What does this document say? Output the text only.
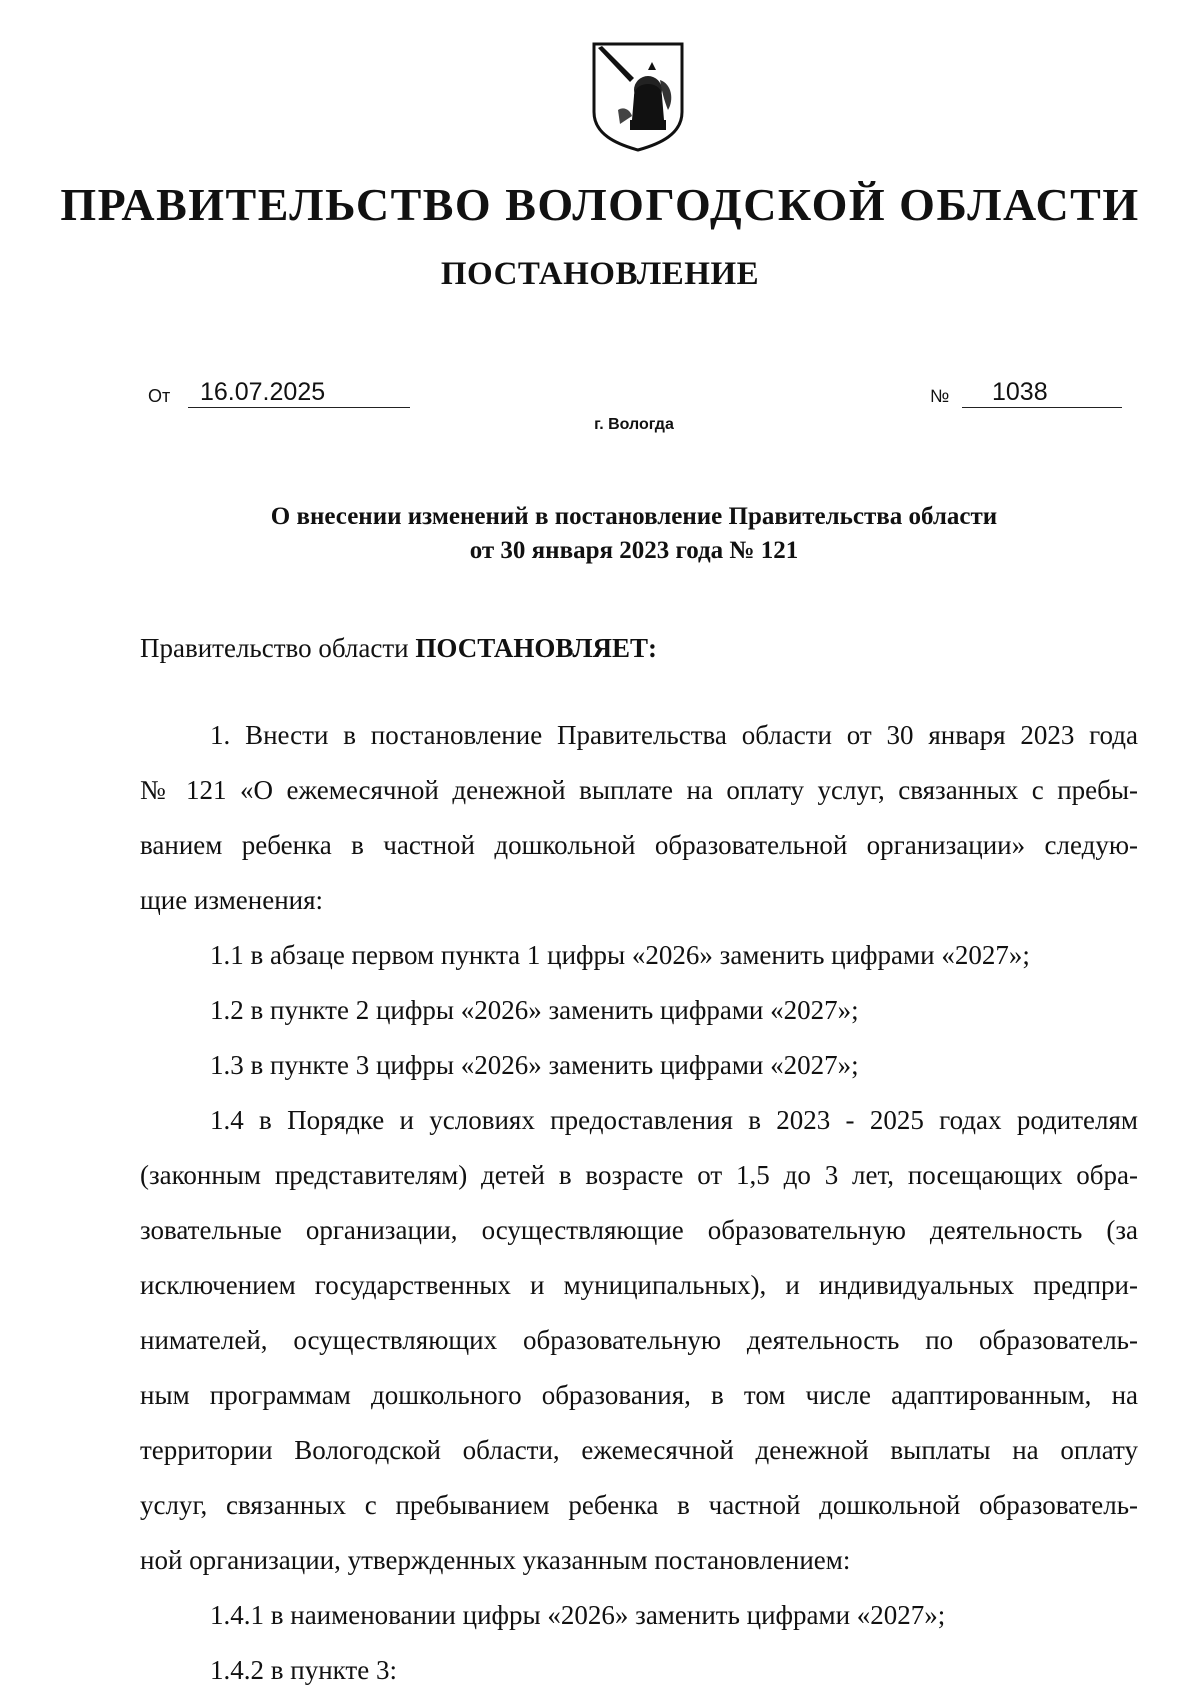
ПРАВИТЕЛЬСТВО ВОЛОГОДСКОЙ ОБЛАСТИ
ПОСТАНОВЛЕНИЕ
От	16.07.2025	№	1038
г. Вологда
О внесении изменений в постановление Правительства области
от 30 января 2023 года № 121

Правительство области ПОСТАНОВЛЯЕТ:

1. Внести в постановление Правительства области от 30 января 2023 года

№ 121 «О ежемесячной денежной выплате на оплату услуг, связанных с пребы-

ванием ребенка в частной дошкольной образовательной организации» следую-

щие изменения:

1.1 в абзаце первом пункта 1 цифры «2026» заменить цифрами «2027»;

1.2 в пункте 2 цифры «2026» заменить цифрами «2027»;

1.3 в пункте 3 цифры «2026» заменить цифрами «2027»;

1.4 в Порядке и условиях предоставления в 2023 - 2025 годах родителям

(законным представителям) детей в возрасте от 1,5 до 3 лет, посещающих обра-

зовательные организации, осуществляющие образовательную деятельность (за

исключением государственных и муниципальных), и индивидуальных предпри-

нимателей, осуществляющих образовательную деятельность по образователь-

ным программам дошкольного образования, в том числе адаптированным, на

территории Вологодской области, ежемесячной денежной выплаты на оплату

услуг, связанных с пребыванием ребенка в частной дошкольной образователь-

ной организации, утвержденных указанным постановлением:

1.4.1 в наименовании цифры «2026» заменить цифрами «2027»;

1.4.2 в пункте 3:
